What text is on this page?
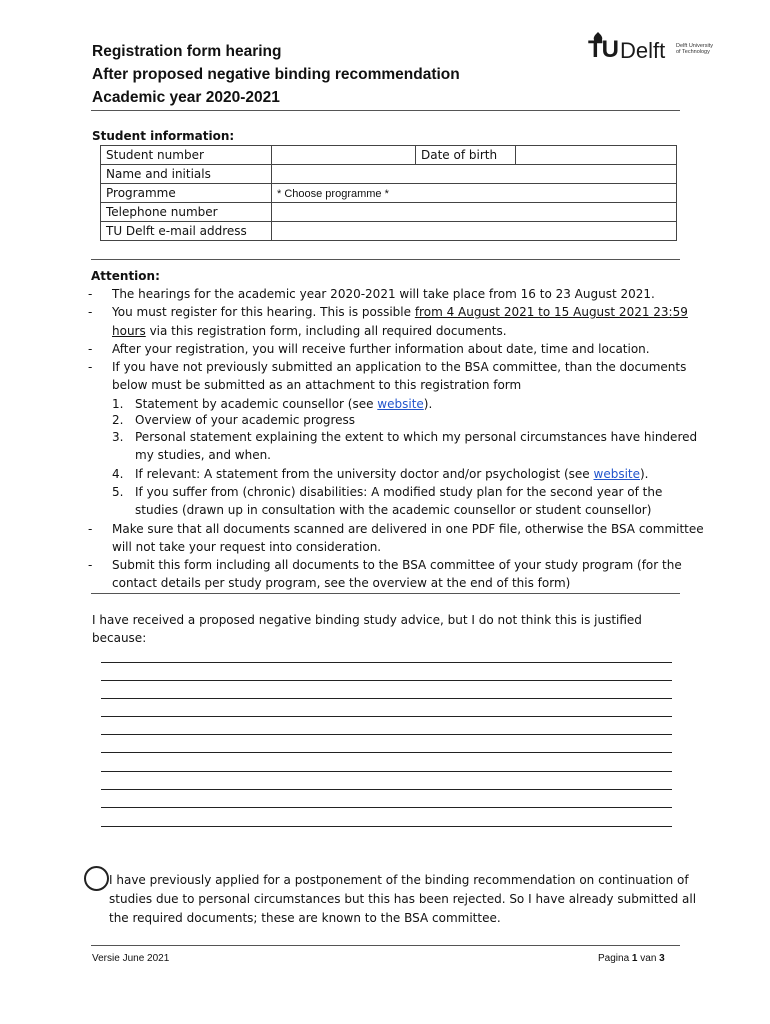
Registration form hearing
After proposed negative binding recommendation
Academic year 2020-2021
TU Delft Delft University of Technology
Student information:
Student number		Date of birth	
Name and initials			
Programme	* Choose programme *		
Telephone number			
TU Delft e-mail address			
Attention:
- The hearings for the academic year 2020-2021 will take place from 16 to 23 August 2021.
- You must register for this hearing. This is possible from 4 August 2021 to 15 August 2021 23:59
hours via this registration form, including all required documents.
- After your registration, you will receive further information about date, time and location.
- If you have not previously submitted an application to the BSA committee, than the documents
below must be submitted as an attachment to this registration form
1. Statement by academic counsellor (see website).
2. Overview of your academic progress
3. Personal statement explaining the extent to which my personal circumstances have hindered
my studies, and when.
4. If relevant: A statement from the university doctor and/or psychologist (see website).
5. If you suffer from (chronic) disabilities: A modified study plan for the second year of the
studies (drawn up in consultation with the academic counsellor or student counsellor)
- Make sure that all documents scanned are delivered in one PDF file, otherwise the BSA committee
will not take your request into consideration.
- Submit this form including all documents to the BSA committee of your study program (for the
contact details per study program, see the overview at the end of this form)
I have received a proposed negative binding study advice, but I do not think this is justified
because:
I have previously applied for a postponement of the binding recommendation on continuation of
studies due to personal circumstances but this has been rejected. So I have already submitted all
the required documents; these are known to the BSA committee.
Versie June 2021	Pagina 1 van 3
